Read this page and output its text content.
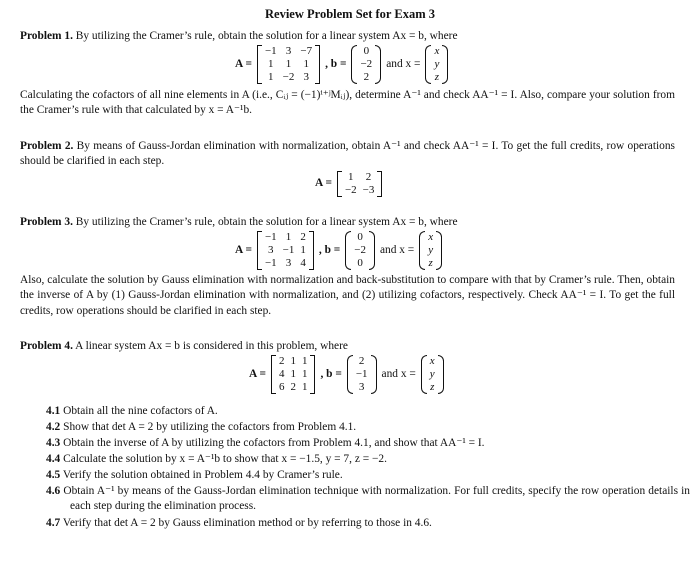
Review Problem Set for Exam 3
Problem 1. By utilizing the Cramer’s rule, obtain the solution for a linear system Ax = b, where
A =
−1	3	−7
1	1	1
1	−2	3
, b =
0
−2
2
and x =
x
y
z
Calculating the cofactors of all nine elements in A (i.e., Cᵢⱼ = (−1)ⁱ⁺ʲMᵢⱼ), determine A⁻¹ and check AA⁻¹ = I. Also, compare your solution from the Cramer’s rule with that calculated by x = A⁻¹b.
Problem 2. By means of Gauss-Jordan elimination with normalization, obtain A⁻¹ and check AA⁻¹ = I. To get the full credits, row operations should be clarified in each step.
A =
1	2
−2	−3
Problem 3. By utilizing the Cramer’s rule, obtain the solution for a linear system Ax = b, where
A =
−1	1	2
3	−1	1
−1	3	4
, b =
0
−2
0
and x =
x
y
z
Also, calculate the solution by Gauss elimination with normalization and back-substitution to compare with that by Cramer’s rule. Then, obtain the inverse of A by (1) Gauss-Jordan elimination with normalization, and (2) utilizing cofactors, respectively. Check AA⁻¹ = I. To get the full credits, row operations should be clarified in each step.
Problem 4. A linear system Ax = b is considered in this problem, where
A =
2	1	1
4	1	1
6	2	1
, b =
2
−1
3
and x =
x
y
z
4.1 Obtain all the nine cofactors of A.
4.2 Show that det A = 2 by utilizing the cofactors from Problem 4.1.
4.3 Obtain the inverse of A by utilizing the cofactors from Problem 4.1, and show that AA⁻¹ = I.
4.4 Calculate the solution by x = A⁻¹b to show that x = −1.5, y = 7, z = −2.
4.5 Verify the solution obtained in Problem 4.4 by Cramer’s rule.
4.6 Obtain A⁻¹ by means of the Gauss-Jordan elimination technique with normalization. For full credits, specify the row operation details in each step during the elimination process.
4.7 Verify that det A = 2 by Gauss elimination method or by referring to those in 4.6.
